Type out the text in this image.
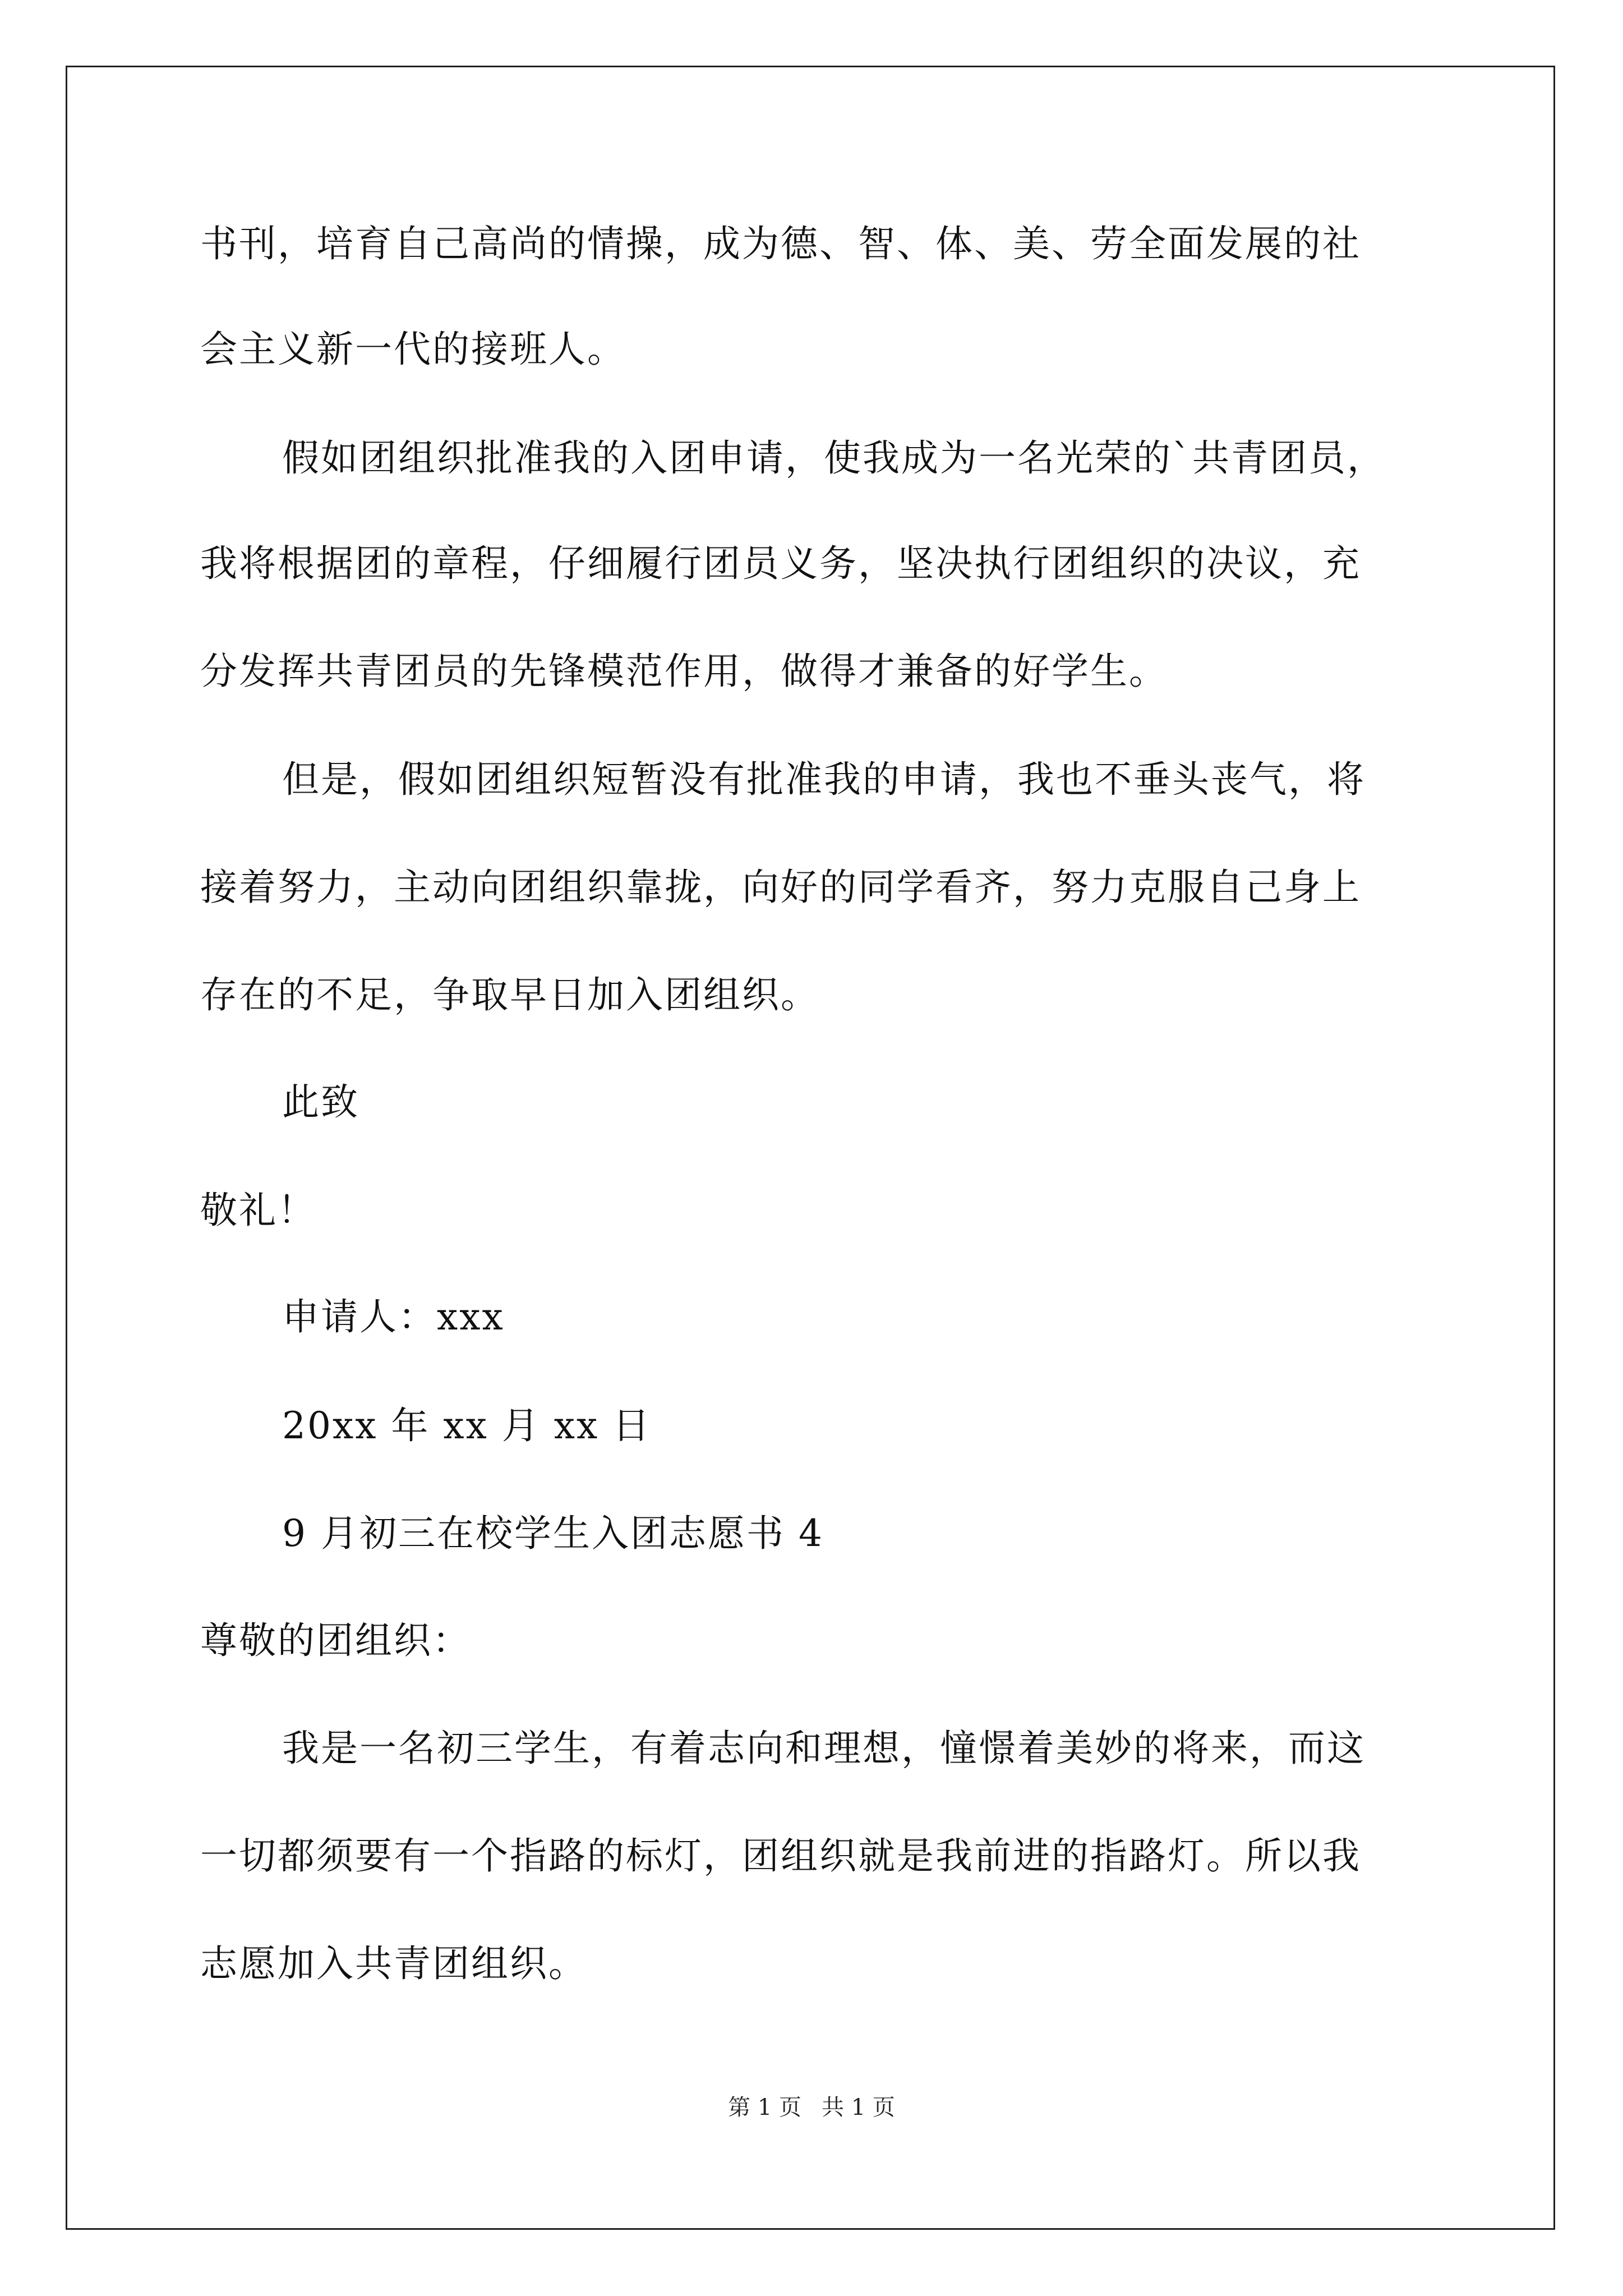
书刊，培育自己高尚的情操，成为德、智、体、美、劳全面发展的社
会主义新一代的接班人。
假如团组织批准我的入团申请，使我成为一名光荣的`共青团员，
我将根据团的章程，仔细履行团员义务，坚决执行团组织的决议，充
分发挥共青团员的先锋模范作用，做得才兼备的好学生。
但是，假如团组织短暂没有批准我的申请，我也不垂头丧气，将
接着努力，主动向团组织靠拢，向好的同学看齐，努力克服自己身上
存在的不足，争取早日加入团组织。
此致
敬礼！
申请人：xxx
20xx 年 xx 月 xx 日
9 月初三在校学生入团志愿书 4
尊敬的团组织：
我是一名初三学生，有着志向和理想，憧憬着美妙的将来，而这
一切都须要有一个指路的标灯，团组织就是我前进的指路灯。所以我
志愿加入共青团组织。
第 1 页 共 1 页
